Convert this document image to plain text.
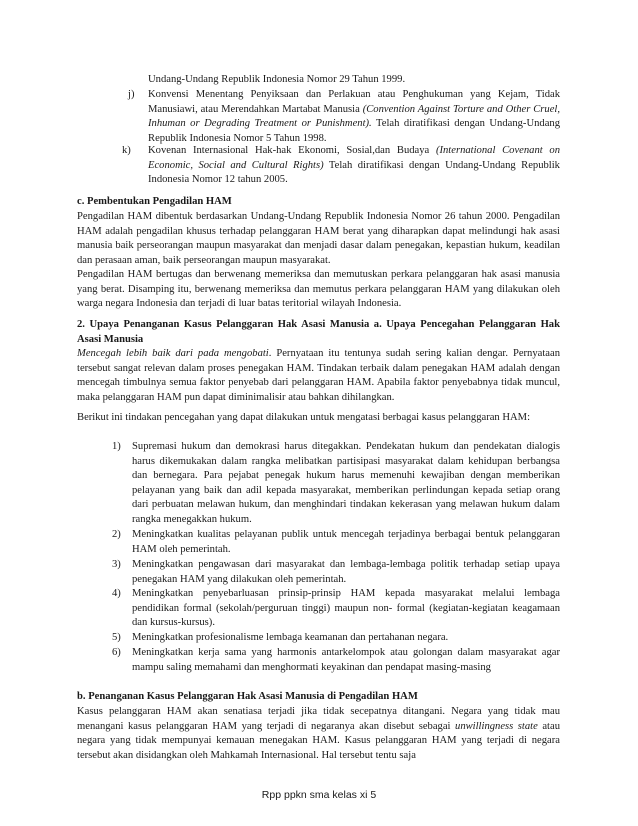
Undang-Undang Republik Indonesia Nomor 29 Tahun 1999.
j)	Konvensi Menentang Penyiksaan dan Perlakuan atau Penghukuman yang Kejam, Tidak Manusiawi, atau Merendahkan Martabat Manusia (Convention Against Torture and Other Cruel, Inhuman or Degrading Treatment or Punishment). Telah diratifikasi dengan Undang-Undang Republik Indonesia Nomor 5 Tahun 1998.
k)	Kovenan Internasional Hak-hak Ekonomi, Sosial,dan Budaya (International Covenant on Economic, Social and Cultural Rights) Telah diratifikasi dengan Undang-Undang Republik Indonesia Nomor 12 tahun 2005.
c. Pembentukan Pengadilan HAM
Pengadilan HAM dibentuk berdasarkan Undang-Undang Republik Indonesia Nomor 26 tahun 2000. Pengadilan HAM adalah pengadilan khusus terhadap pelanggaran HAM berat yang diharapkan dapat melindungi hak asasi manusia baik perseorangan maupun masyarakat dan menjadi dasar dalam penegakan, kepastian hukum, keadilan dan perasaan aman, baik perseorangan maupun masyarakat.
Pengadilan HAM bertugas dan berwenang memeriksa dan memutuskan perkara pelanggaran hak asasi manusia yang berat. Disamping itu, berwenang memeriksa dan memutus perkara pelanggaran HAM yang dilakukan oleh warga negara Indonesia dan terjadi di luar batas teritorial wilayah Indonesia.
2. Upaya Penanganan Kasus Pelanggaran Hak Asasi Manusia a. Upaya Pencegahan Pelanggaran Hak Asasi Manusia
Mencegah lebih baik dari pada mengobati. Pernyataan itu tentunya sudah sering kalian dengar. Pernyataan tersebut sangat relevan dalam proses penegakan HAM. Tindakan terbaik dalam penegakan HAM adalah dengan mencegah timbulnya semua faktor penyebab dari pelanggaran HAM. Apabila faktor penyebabnya tidak muncul, maka pelanggaran HAM pun dapat diminimalisir atau bahkan dihilangkan.
Berikut ini tindakan pencegahan yang dapat dilakukan untuk mengatasi berbagai kasus pelanggaran HAM:
1) Supremasi hukum dan demokrasi harus ditegakkan. Pendekatan hukum dan pendekatan dialogis harus dikemukakan dalam rangka melibatkan partisipasi masyarakat dalam kehidupan berbangsa dan bernegara. Para pejabat penegak hukum harus memenuhi kewajiban dengan memberikan pelayanan yang baik dan adil kepada masyarakat, memberikan perlindungan kepada setiap orang dari perbuatan melawan hukum, dan menghindari tindakan kekerasan yang melawan hukum dalam rangka menegakkan hukum.
2) Meningkatkan kualitas pelayanan publik untuk mencegah terjadinya berbagai bentuk pelanggaran HAM oleh pemerintah.
3) Meningkatkan pengawasan dari masyarakat dan lembaga-lembaga politik terhadap setiap upaya penegakan HAM yang dilakukan oleh pemerintah.
4) Meningkatkan penyebarluasan prinsip-prinsip HAM kepada masyarakat melalui lembaga pendidikan formal (sekolah/perguruan tinggi) maupun non- formal (kegiatan-kegiatan keagamaan dan kursus-kursus).
5) Meningkatkan profesionalisme lembaga keamanan dan pertahanan negara.
6) Meningkatkan kerja sama yang harmonis antarkelompok atau golongan dalam masyarakat agar mampu saling memahami dan menghormati keyakinan dan pendapat masing-masing
b. Penanganan Kasus Pelanggaran Hak Asasi Manusia di Pengadilan HAM
Kasus pelanggaran HAM akan senatiasa terjadi jika tidak secepatnya ditangani. Negara yang tidak mau menangani kasus pelanggaran HAM yang terjadi di negaranya akan disebut sebagai unwillingness state atau negara yang tidak mempunyai kemauan menegakan HAM. Kasus pelanggaran HAM yang terjadi di negara tersebut akan disidangkan oleh Mahkamah Internasional. Hal tersebut tentu saja
Rpp ppkn sma kelas xi 5
